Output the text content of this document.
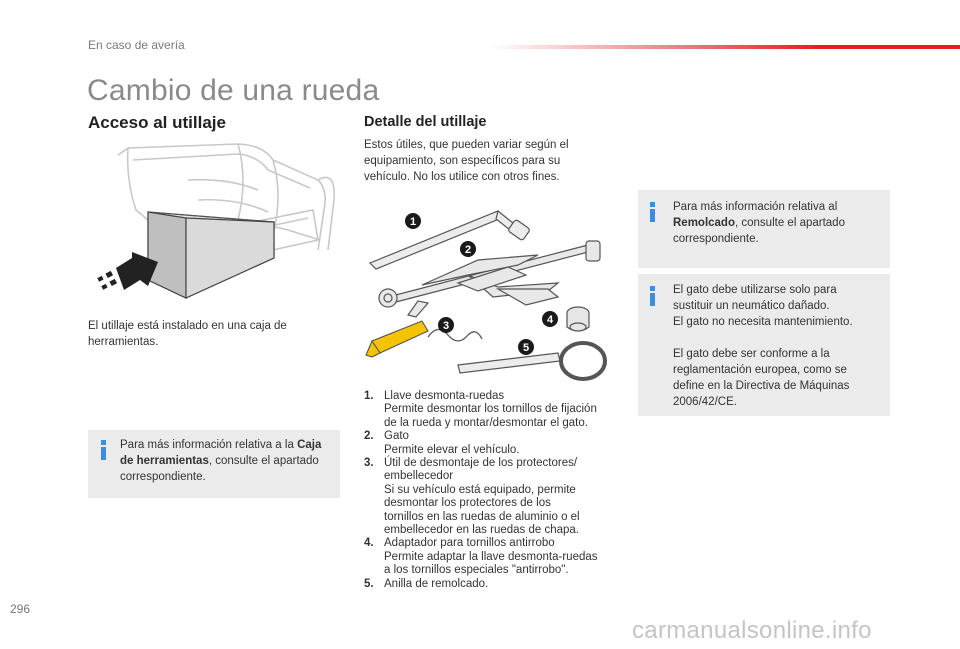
En caso de avería
Cambio de una rueda
Acceso al utillaje
El utillaje está instalado en una caja de
herramientas.
Para más información relativa a la Caja
de herramientas, consulte el apartado
correspondiente.
Detalle del utillaje
Estos útiles, que pueden variar según el
equipamiento, son específicos para su
vehículo. No los utilice con otros fines.
1
2
3	4
5
1. Llave desmonta-ruedas
Permite desmontar los tornillos de fijación
de la rueda y montar/desmontar el gato.
2. Gato
Permite elevar el vehículo.
3. Útil de desmontaje de los protectores/
embellecedor
Si su vehículo está equipado, permite
desmontar los protectores de los
tornillos en las ruedas de aluminio o el
embellecedor en las ruedas de chapa.
4. Adaptador para tornillos antirrobo
Permite adaptar la llave desmonta-ruedas
a los tornillos especiales "antirrobo".
5. Anilla de remolcado.
Para más información relativa al
Remolcado, consulte el apartado
correspondiente.
El gato debe utilizarse solo para
sustituir un neumático dañado.
El gato no necesita mantenimiento.
El gato debe ser conforme a la
reglamentación europea, como se
define en la Directiva de Máquinas
2006/42/CE.
296
carmanualsonline.info
